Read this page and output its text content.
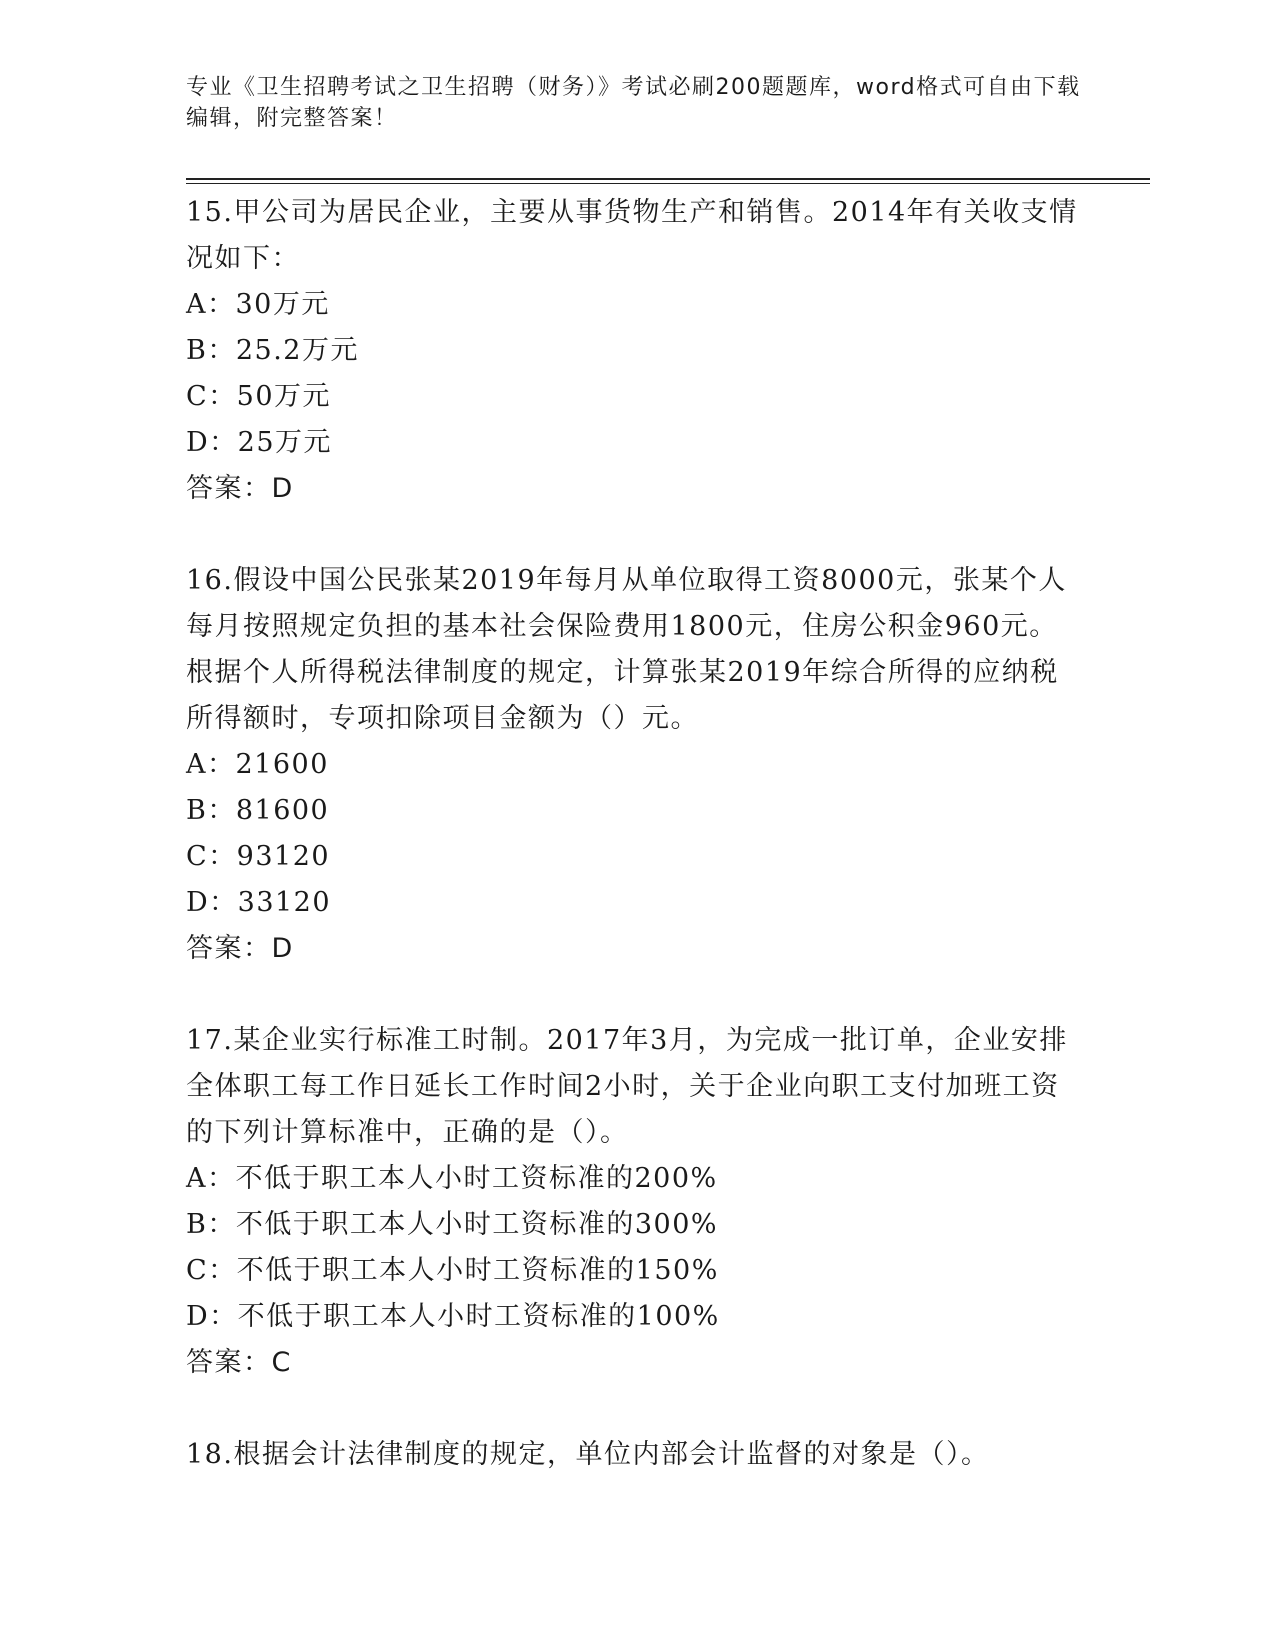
专业《卫生招聘考试之卫生招聘（财务）》考试必刷200题题库，word格式可自由下载编辑，附完整答案！

15.甲公司为居民企业，主要从事货物生产和销售。2014年有关收支情况如下：

A：30万元

B：25.2万元

C：50万元

D：25万元

答案：D

16.假设中国公民张某2019年每月从单位取得工资8000元，张某个人每月按照规定负担的基本社会保险费用1800元，住房公积金960元。根据个人所得税法律制度的规定，计算张某2019年综合所得的应纳税所得额时，专项扣除项目金额为（）元。

A：21600

B：81600

C：93120

D：33120

答案：D

17.某企业实行标准工时制。2017年3月，为完成一批订单，企业安排全体职工每工作日延长工作时间2小时，关于企业向职工支付加班工资的下列计算标准中，正确的是（）。

A：不低于职工本人小时工资标准的200%

B：不低于职工本人小时工资标准的300%

C：不低于职工本人小时工资标准的150%

D：不低于职工本人小时工资标准的100%

答案：C

18.根据会计法律制度的规定，单位内部会计监督的对象是（）。
